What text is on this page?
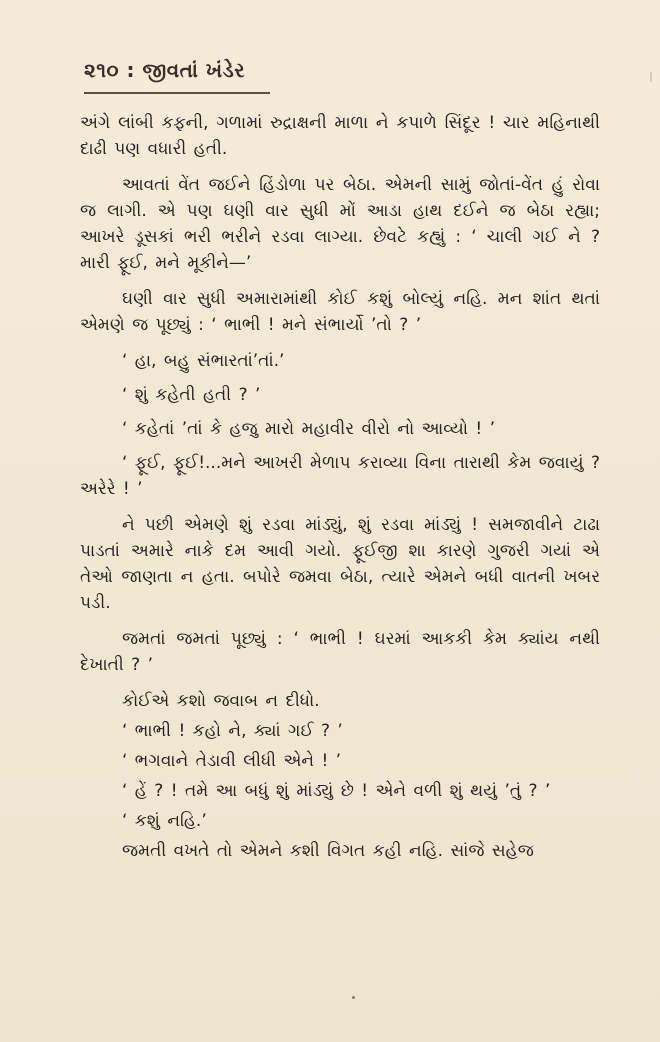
૨૧૦ : જીવતાં ખંડેર

અંગે લાંબી કફની, ગળામાં રુદ્રાક્ષની માળા ને કપાળે સિંદૂર ! ચાર મહિનાથી દાઢી પણ વધારી હતી.

આવતાં વેંત જઈને હિંડોળા પર બેઠા. એમની સામું જોતાં-વેંત હું રોવા જ લાગી. એ પણ ઘણી વાર સુધી મોં આડા હાથ દઈને જ બેઠા રહ્યા; આખરે ડૂસકાં ભરી ભરીને રડવા લાગ્યા. છેવટે કહ્યું : ‘ ચાલી ગઈ ને ? મારી ફૂઈ, મને મૂકીને—’

ઘણી વાર સુધી અમારામાંથી કોઈ કશું બોલ્યું નહિ. મન શાંત થતાં એમણે જ પૂછ્યું : ‘ ભાભી ! મને સંભાર્યો ’તો ? ’

‘ હા, બહુ સંભારતાં’તાં.’

‘ શું કહેતી હતી ? ’

‘ કહેતાં ’તાં કે હજુ મારો મહાવીર વીરો નો આવ્યો ! ’

‘ ફૂઈ, ફૂઈ!...મને આખરી મેળાપ કરાવ્યા વિના તારાથી કેમ જવાયું ? અરેરે ! ’

ને પછી એમણે શું રડવા માંડ્યું, શું રડવા માંડ્યું ! સમજાવીને ટાઢા પાડતાં અમારે નાકે દમ આવી ગયો. ફૂઈજી શા કારણે ગુજરી ગયાં એ તેઓ જાણતા ન હતા. બપોરે જમવા બેઠા, ત્યારે એમને બધી વાતની ખબર પડી.

જમતાં જમતાં પૂછ્યું : ‘ ભાભી ! ઘરમાં આકકી કેમ ક્યાંય નથી દેખાતી ? ’

કોઈએ કશો જવાબ ન દીધો.

‘ ભાભી ! કહો ને, ક્યાં ગઈ ? ’

‘ ભગવાને તેડાવી લીધી એને ! ’

‘ હેં ? ! તમે આ બધું શું માંડ્યું છે ! એને વળી શું થયું ’તું ? ’

‘ કશું નહિ.’

જમતી વખતે તો એમને કશી વિગત કહી નહિ. સાંજે સહેજ
